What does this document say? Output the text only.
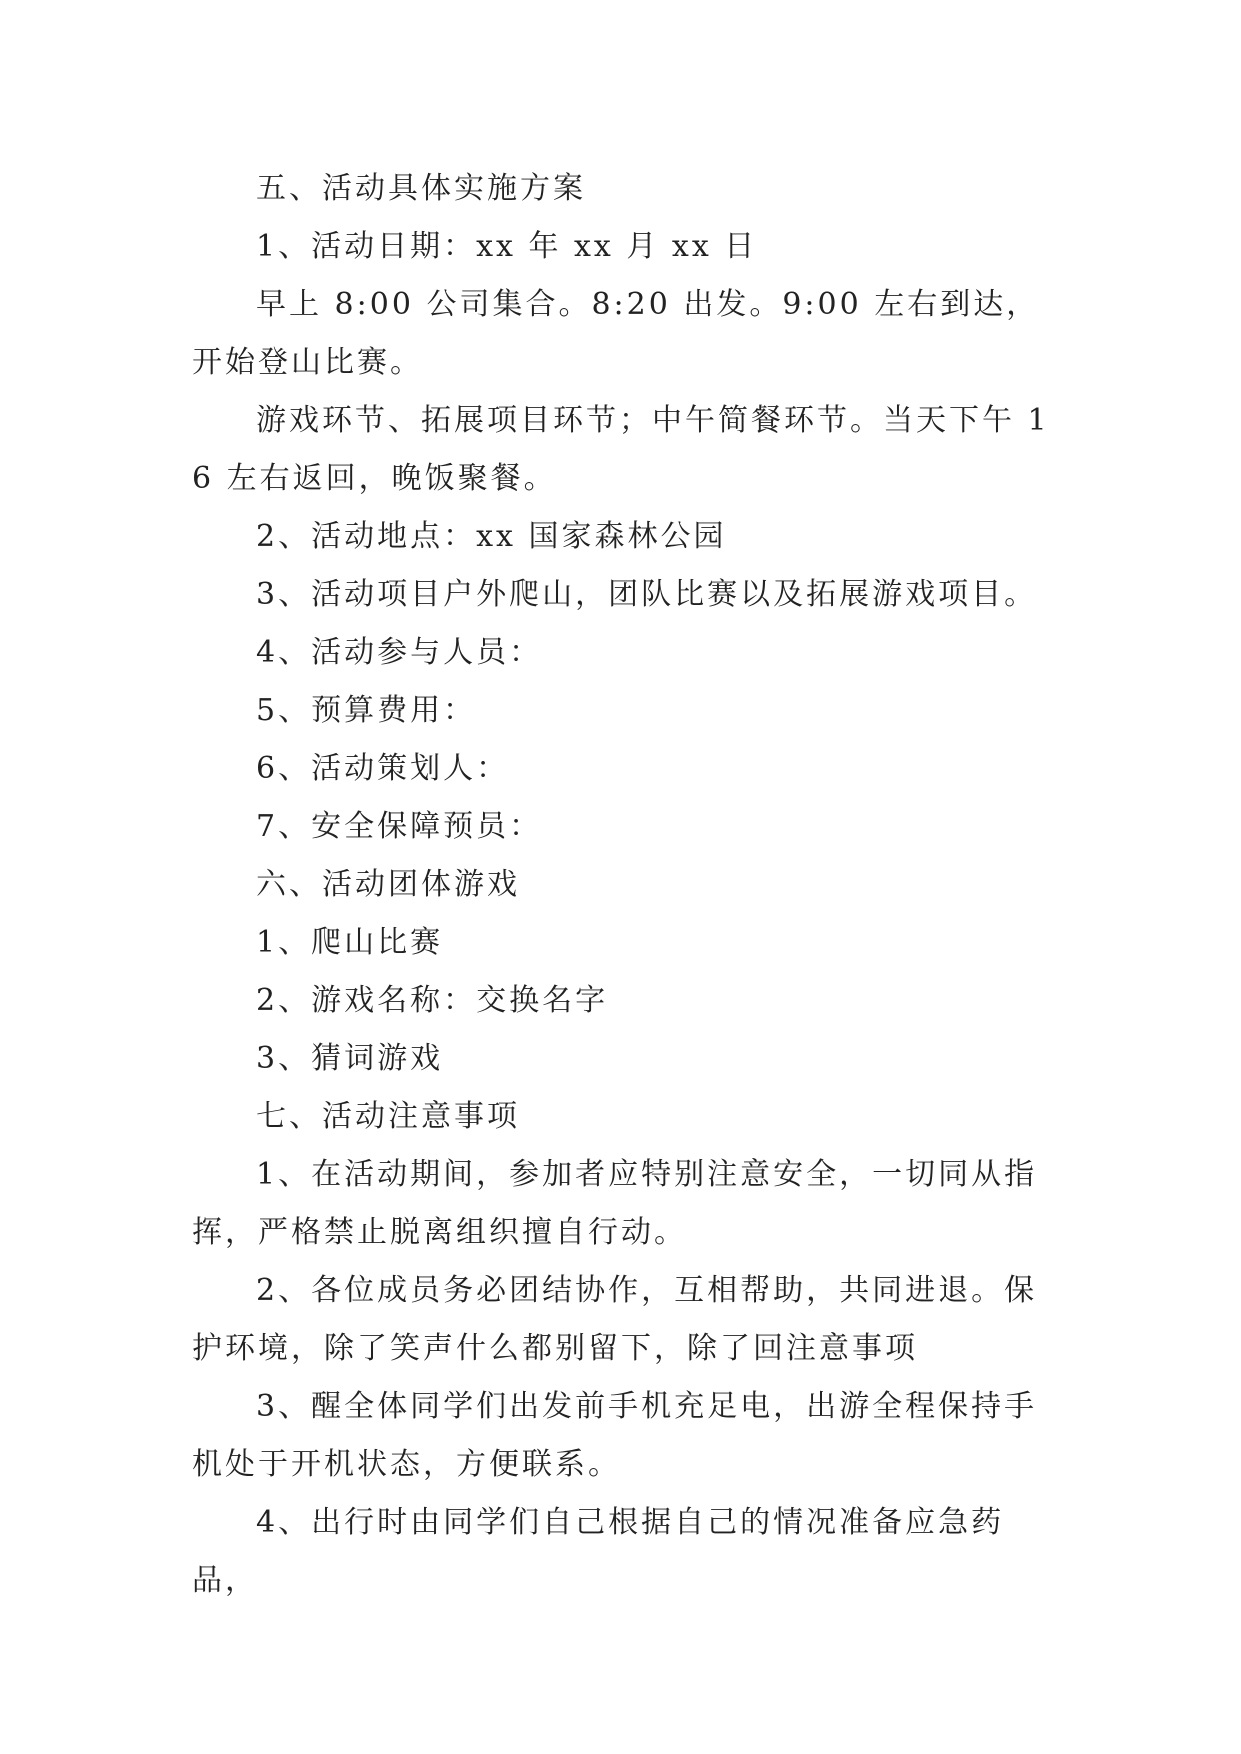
五、活动具体实施方案

1、活动日期：xx 年 xx 月 xx 日

早上 8:00 公司集合。8:20 出发。9:00 左右到达，开始登山比赛。

游戏环节、拓展项目环节；中午简餐环节。当天下午 16 左右返回，晚饭聚餐。

2、活动地点：xx 国家森林公园

3、活动项目户外爬山，团队比赛以及拓展游戏项目。

4、活动参与人员：

5、预算费用：

6、活动策划人：

7、安全保障预员：

六、活动团体游戏

1、爬山比赛

2、游戏名称：交换名字

3、猜词游戏

七、活动注意事项

1、在活动期间，参加者应特别注意安全，一切同从指挥，严格禁止脱离组织擅自行动。

2、各位成员务必团结协作，互相帮助，共同进退。保护环境，除了笑声什么都别留下，除了回注意事项

3、醒全体同学们出发前手机充足电，出游全程保持手机处于开机状态，方便联系。

4、出行时由同学们自己根据自己的情况准备应急药品，
